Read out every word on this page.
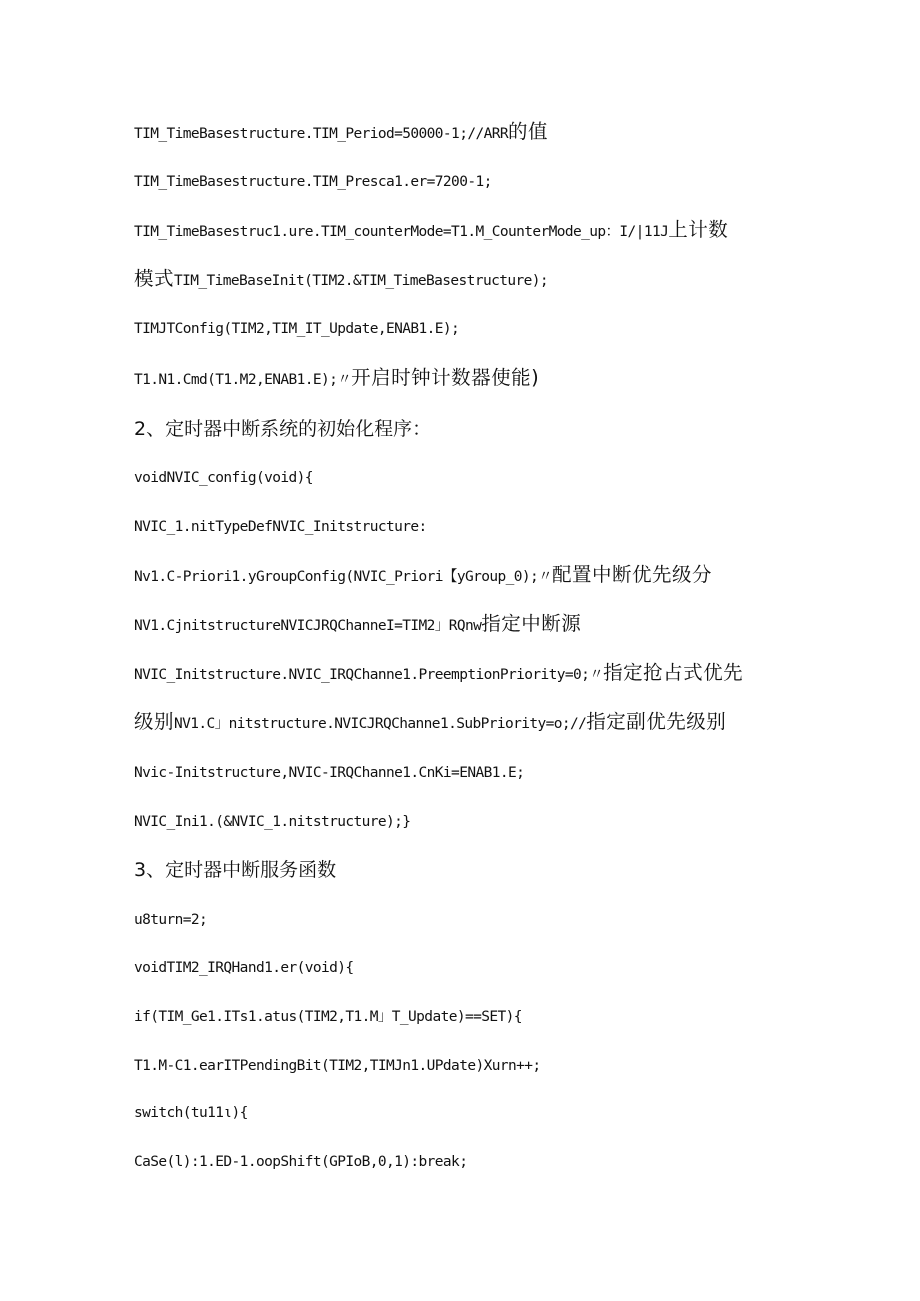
TIM_TimeBasestructure.TIM_Period=50000-1;//ARR的值
TIM_TimeBasestructure.TIM_Presca1.er=7200-1;
TIM_TimeBasestruc1.ure.TIM_counterMode=T1.M_CounterMode_up：I/∣11J上计数
模式TIM_TimeBaseInit(TIM2.&TIM_TimeBasestructure);
TIMJTConfig(TIM2,TIM_IT_Update,ENAB1.E);
T1.N1.Cmd(T1.M2,ENAB1.E);〃开启时钟计数器使能)
2、定时器中断系统的初始化程序：
voidNVIC_config(void){
NVIC_1.nitTypeDefNVIC_Initstructure:
Nv1.C-Priori1.yGroupConfig(NVIC_Priori【yGroup_0);〃配置中断优先级分
NV1.CjnitstructureNVICJRQChanneI=TIM2」RQnw指定中断源
NVIC_Initstructure.NVIC_IRQChanne1.PreemptionPriority=0;〃指定抢占式优先
级别NV1.C」nitstructure.NVICJRQChanne1.SubPriority=o;//指定副优先级别
Nvic-Initstructure,NVIC-IRQChanne1.CnKi=ENAB1.E;
NVIC_Ini1.(&NVIC_1.nitstructure);}
3、定时器中断服务函数
u8turn=2;
voidTIM2_IRQHand1.er(void){
if(TIM_Ge1.ITs1.atus(TIM2,T1.M」T_Update)==SET){
T1.M-C1.earITPendingBit(TIM2,TIMJn1.UPdate)Xurn++;
switch(tu11ι){
CaSe(l):1.ED-1.oopShift(GPIoB,0,1):break;
